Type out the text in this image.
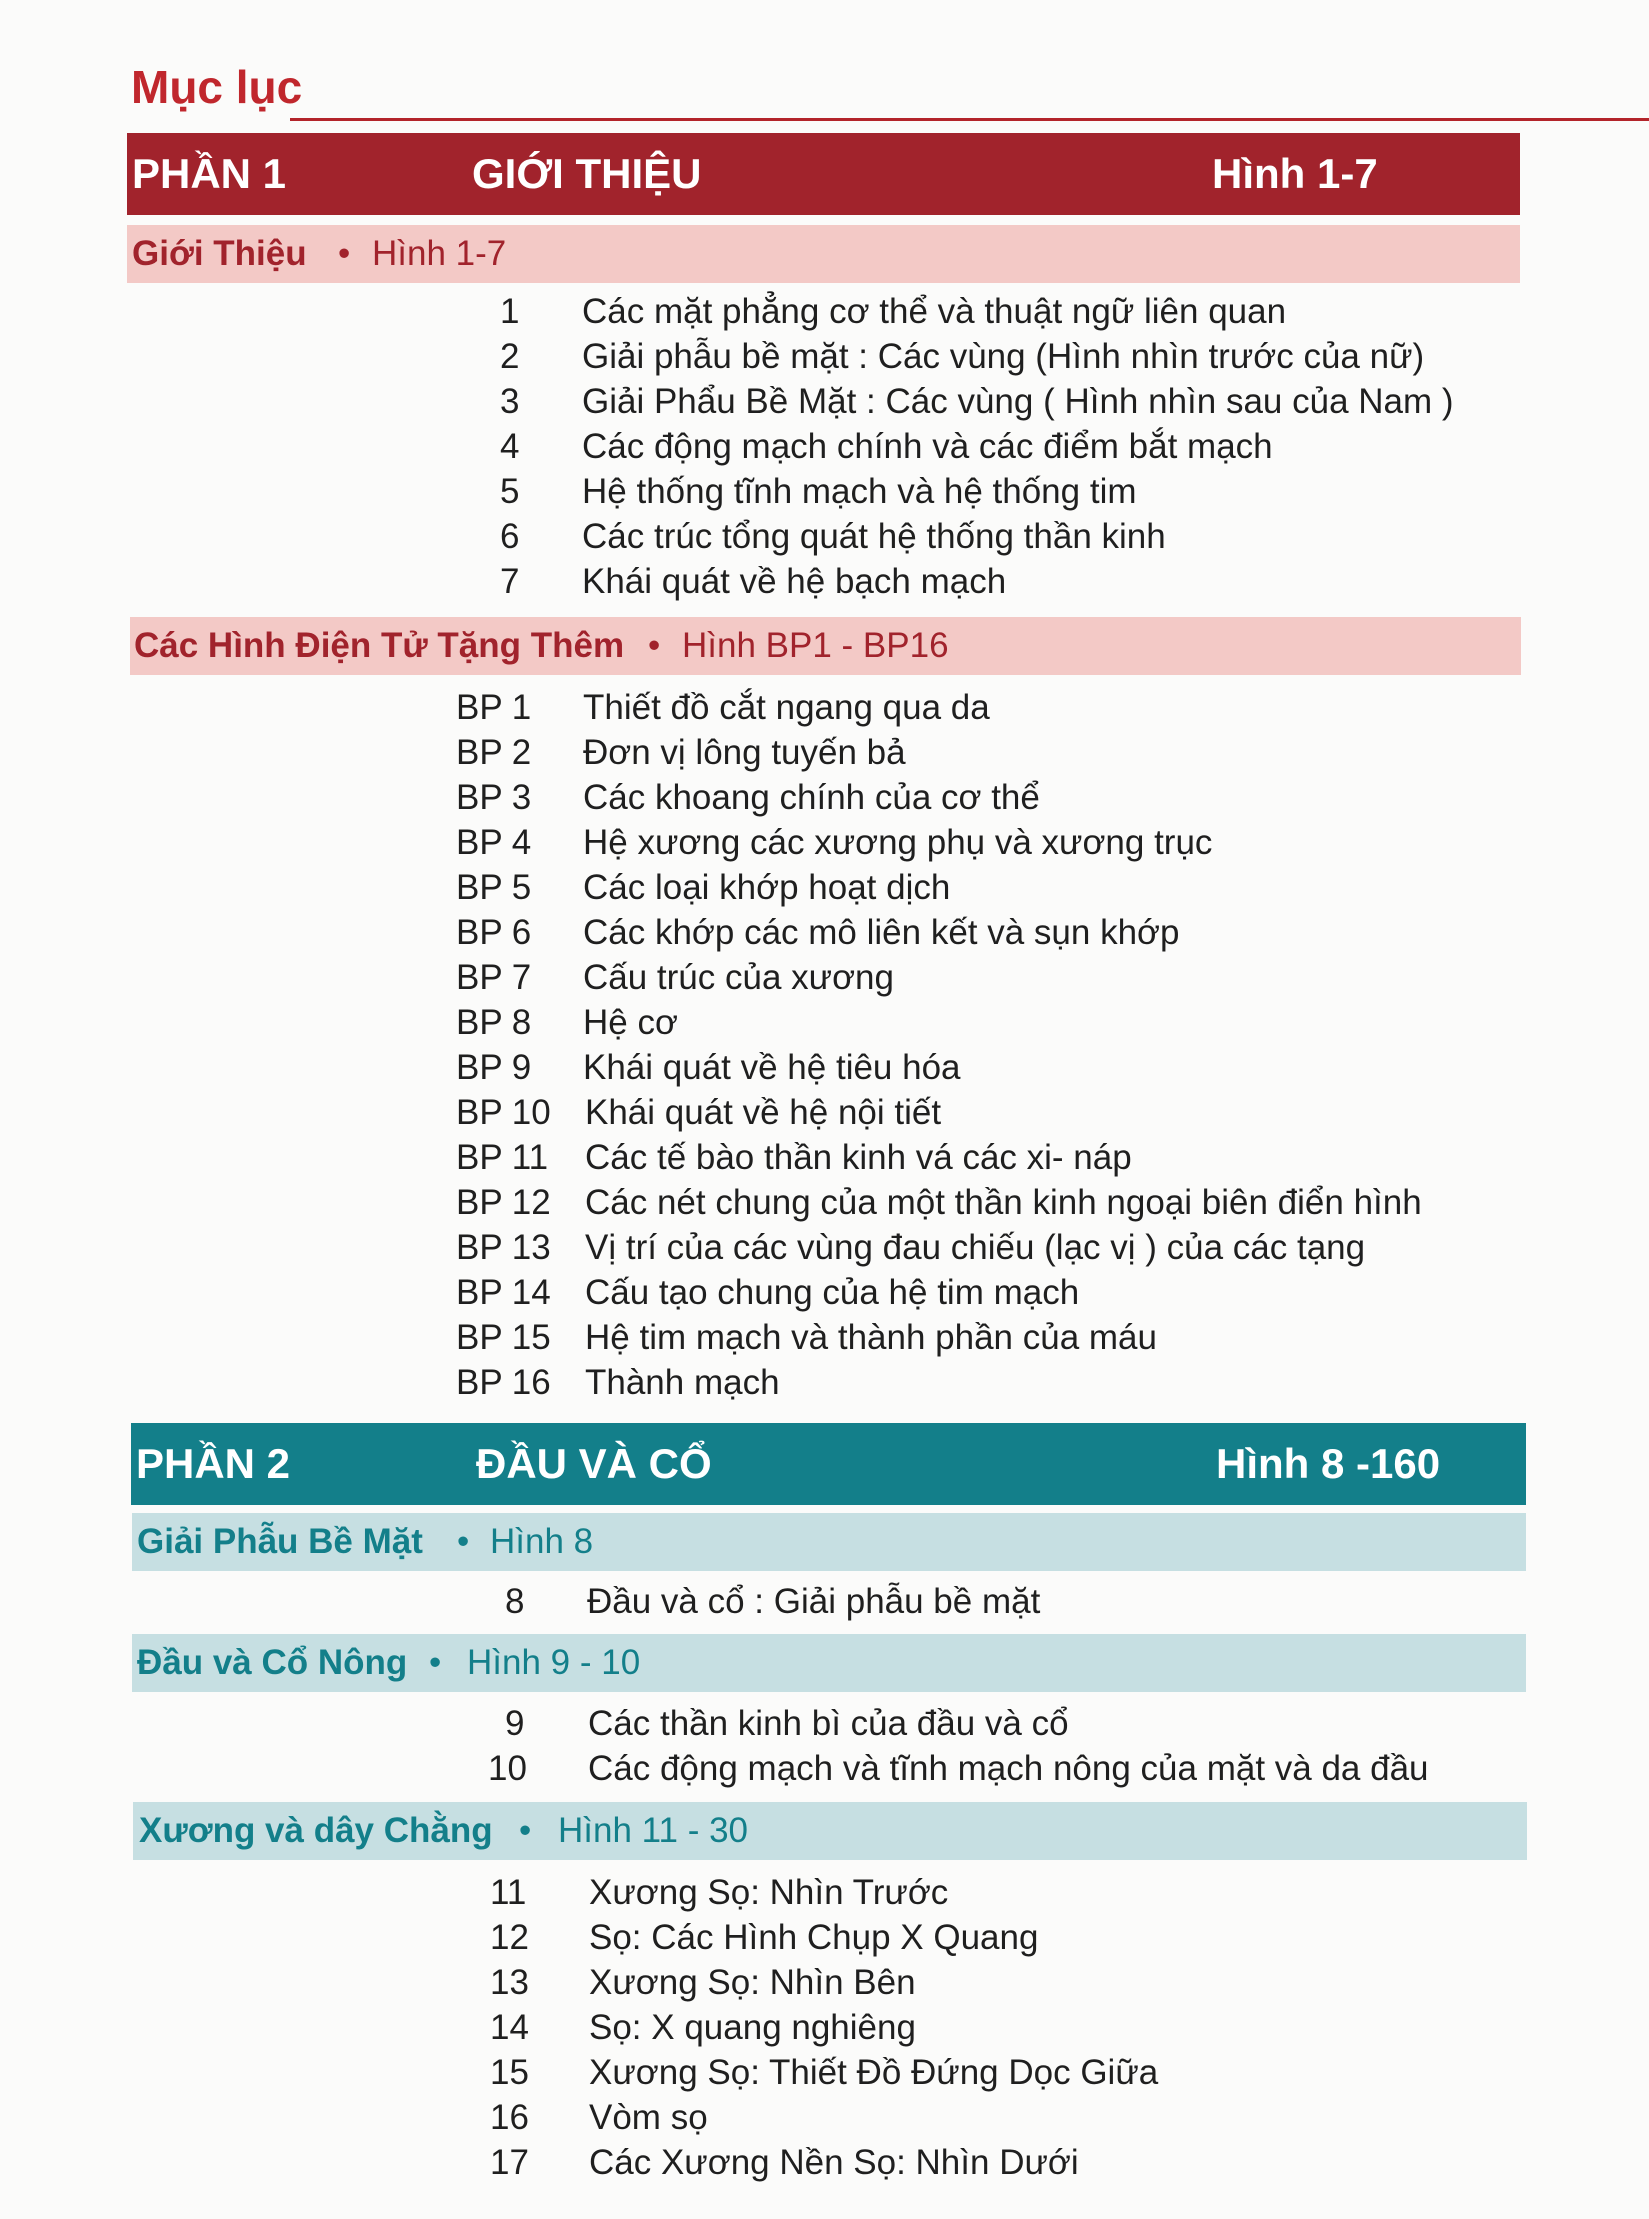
Mục lục
PHẦN 1	GIỚI THIỆU	Hình 1-7
Giới Thiệu • Hình 1-7
1 Các mặt phẳng cơ thể và thuật ngữ liên quan
2 Giải phẫu bề mặt : Các vùng (Hình nhìn trước của nữ)
3 Giải Phẩu Bề Mặt : Các vùng ( Hình nhìn sau của Nam )
4 Các động mạch chính và các điểm bắt mạch
5 Hệ thống tĩnh mạch và hệ thống tim
6 Các trúc tổng quát hệ thống thần kinh
7 Khái quát về hệ bạch mạch
Các Hình Điện Tử Tặng Thêm • Hình BP1 - BP16
BP 1 Thiết đồ cắt ngang qua da
BP 2 Đơn vị lông tuyến bả
BP 3 Các khoang chính của cơ thể
BP 4 Hệ xương các xương phụ và xương trục
BP 5 Các loại khớp hoạt dịch
BP 6 Các khớp các mô liên kết và sụn khớp
BP 7 Cấu trúc của xương
BP 8 Hệ cơ
BP 9 Khái quát về hệ tiêu hóa
BP 10 Khái quát về hệ nội tiết
BP 11 Các tế bào thần kinh vá các xi- náp
BP 12 Các nét chung của một thần kinh ngoại biên điển hình
BP 13 Vị trí của các vùng đau chiếu (lạc vị ) của các tạng
BP 14 Cấu tạo chung của hệ tim mạch
BP 15 Hệ tim mạch và thành phần của máu
BP 16 Thành mạch
PHẦN 2	ĐẦU VÀ CỔ	Hình 8 -160
Giải Phẫu Bề Mặt • Hình 8
8 Đầu và cổ : Giải phẫu bề mặt
Đầu và Cổ Nông • Hình 9 - 10
9 Các thần kinh bì của đầu và cổ
10 Các động mạch và tĩnh mạch nông của mặt và da đầu
Xương và dây Chằng • Hình 11 - 30
11 Xương Sọ: Nhìn Trước
12 Sọ: Các Hình Chụp X Quang
13 Xương Sọ: Nhìn Bên
14 Sọ: X quang nghiêng
15 Xương Sọ: Thiết Đồ Đứng Dọc Giữa
16 Vòm sọ
17 Các Xương Nền Sọ: Nhìn Dưới
